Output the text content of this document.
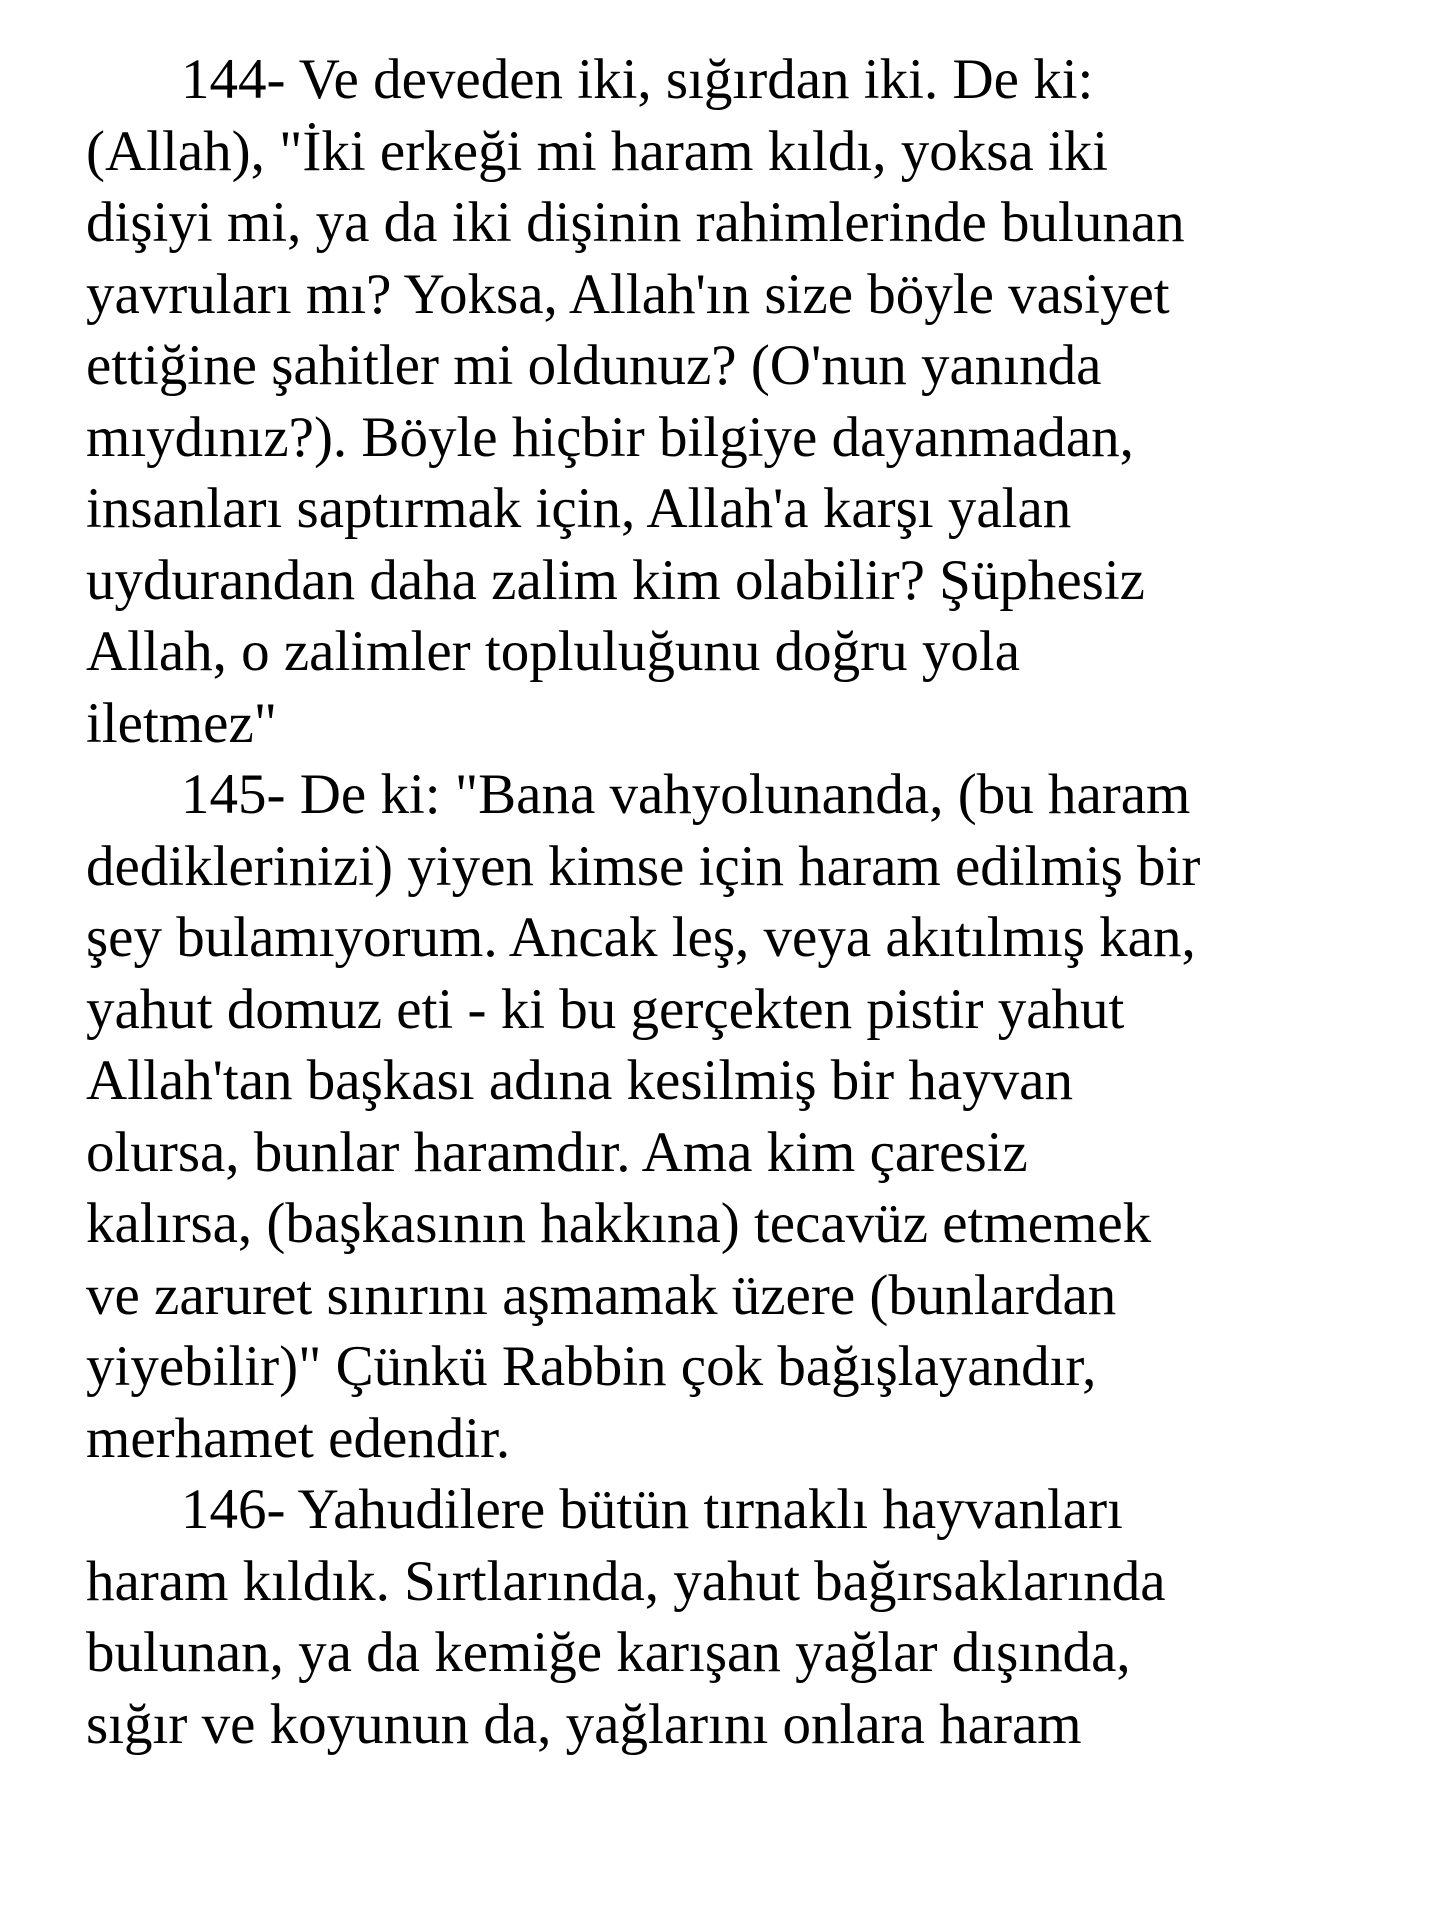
144- Ve deveden iki, sığırdan iki. De ki:
(Allah), "İki erkeği mi haram kıldı, yoksa iki
dişiyi mi, ya da iki dişinin rahimlerinde bulunan
yavruları mı? Yoksa, Allah'ın size böyle vasiyet
ettiğine şahitler mi oldunuz? (O'nun yanında
mıydınız?). Böyle hiçbir bilgiye dayanmadan,
insanları saptırmak için, Allah'a karşı yalan
uydurandan daha zalim kim olabilir? Şüphesiz
Allah, o zalimler topluluğunu doğru yola
iletmez"
145- De ki: "Bana vahyolunanda, (bu haram
dediklerinizi) yiyen kimse için haram edilmiş bir
şey bulamıyorum. Ancak leş, veya akıtılmış kan,
yahut domuz eti - ki bu gerçekten pistir yahut
Allah'tan başkası adına kesilmiş bir hayvan
olursa, bunlar haramdır. Ama kim çaresiz
kalırsa, (başkasının hakkına) tecavüz etmemek
ve zaruret sınırını aşmamak üzere (bunlardan
yiyebilir)" Çünkü Rabbin çok bağışlayandır,
merhamet edendir.
146- Yahudilere bütün tırnaklı hayvanları
haram kıldık. Sırtlarında, yahut bağırsaklarında
bulunan, ya da kemiğe karışan yağlar dışında,
sığır ve koyunun da, yağlarını onlara haram
